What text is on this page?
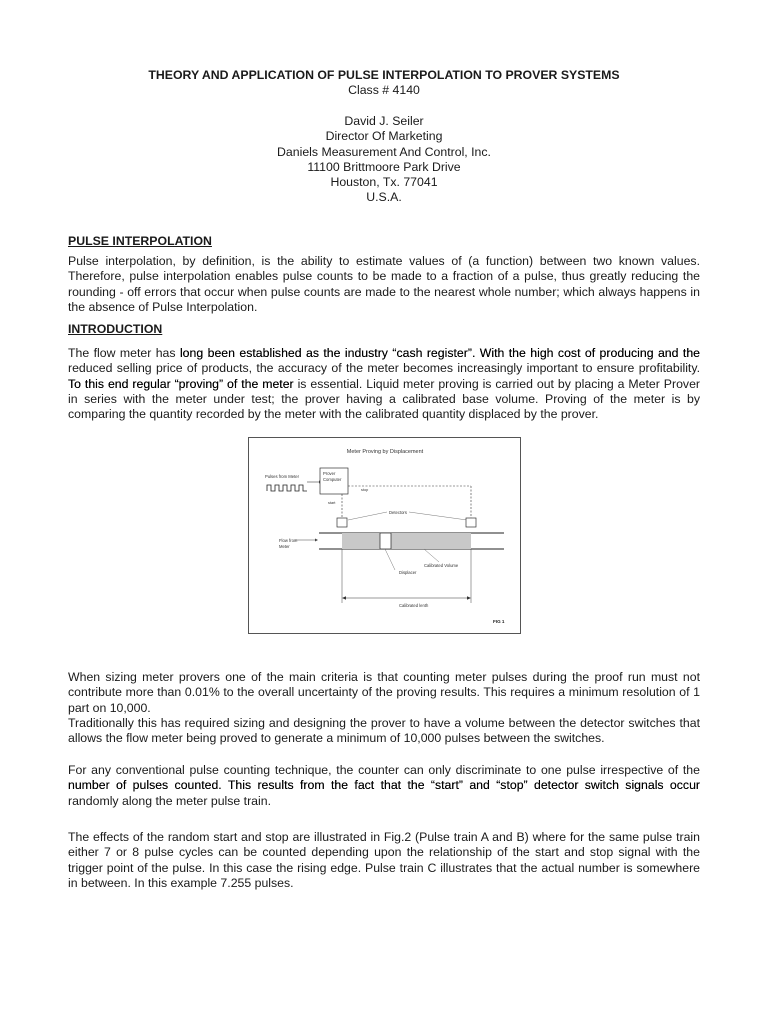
THEORY AND APPLICATION OF PULSE INTERPOLATION TO PROVER SYSTEMS
Class # 4140
David J. Seiler
Director Of Marketing
Daniels Measurement And Control, Inc.
11100 Brittmoore Park Drive
Houston, Tx. 77041
U.S.A.
PULSE INTERPOLATION
Pulse interpolation, by definition, is the ability to estimate values of (a function) between two known values. Therefore, pulse interpolation enables pulse counts to be made to a fraction of a pulse, thus greatly reducing the rounding - off errors that occur when pulse counts are made to the nearest whole number; which always happens in the absence of Pulse Interpolation.
INTRODUCTION
The flow meter has long been established as the industry “cash register”. With the high cost of producing and the reduced selling price of products, the accuracy of the meter becomes increasingly important to ensure profitability. To this end regular “proving” of the meter is essential. Liquid meter proving is carried out by placing a Meter Prover in series with the meter under test; the prover having a calibrated base volume. Proving of the meter is by comparing the quantity recorded by the meter with the calibrated quantity displaced by the prover.
Meter Proving by Displacement
Pulses from Meter
Prover
Computer
stop
start
Detectors
Flow from
Meter
Calibrated Volume
Displacer
Calibrated lenth
FIG 1
When sizing meter provers one of the main criteria is that counting meter pulses during the proof run must not contribute more than 0.01% to the overall uncertainty of the proving results. This requires a minimum resolution of 1 part on 10,000.
Traditionally this has required sizing and designing the prover to have a volume between the detector switches that allows the flow meter being proved to generate a minimum of 10,000 pulses between the switches.
For any conventional pulse counting technique, the counter can only discriminate to one pulse irrespective of the number of pulses counted. This results from the fact that the “start” and “stop” detector switch signals occur randomly along the meter pulse train.
The effects of the random start and stop are illustrated in Fig.2 (Pulse train A and B) where for the same pulse train either 7 or 8 pulse cycles can be counted depending upon the relationship of the start and stop signal with the trigger point of the pulse. In this case the rising edge. Pulse train C illustrates that the actual number is somewhere in between. In this example 7.255 pulses.
